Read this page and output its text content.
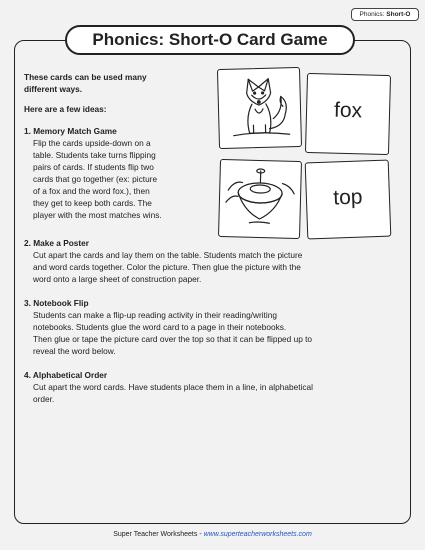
Phonics: Short-O
Phonics: Short-O Card Game
These cards can be used many
different ways.
Here are a few ideas:
1. Memory Match Game
Flip the cards upside-down on a
table. Students take turns flipping
pairs of cards. If students flip two
cards that go together (ex: picture
of a fox and the word fox.), then
they get to keep both cards. The
player with the most matches wins.
2. Make a Poster
Cut apart the cards and lay them on the table. Students match the picture
and word cards together. Color the picture. Then glue the picture with the
word onto a large sheet of construction paper.
3. Notebook Flip
Students can make a flip-up reading activity in their reading/writing
notebooks. Students glue the word card to a page in their notebooks.
Then glue or tape the picture card over the top so that it can be flipped up to
reveal the word below.
4. Alphabetical Order
Cut apart the word cards. Have students place them in a line, in alphabetical
order.
fox
top
Super Teacher Worksheets - www.superteacherworksheets.com
